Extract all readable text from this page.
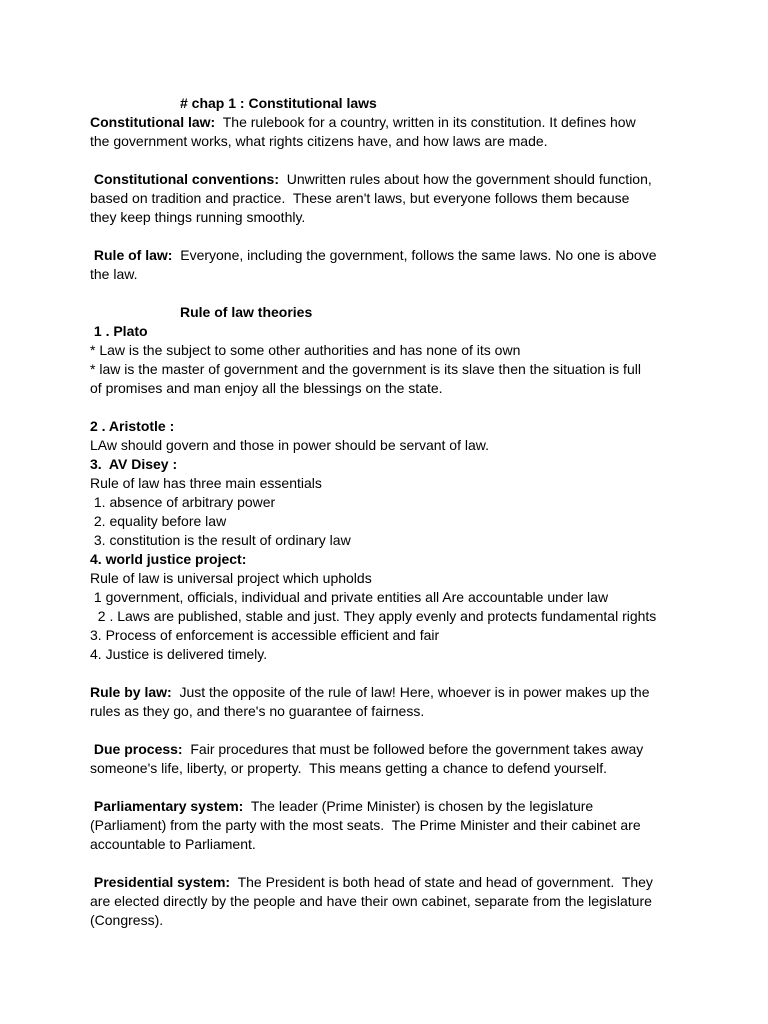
# chap 1 : Constitutional laws
Constitutional law:  The rulebook for a country, written in its constitution. It defines how
the government works, what rights citizens have, and how laws are made.
Constitutional conventions:  Unwritten rules about how the government should function,
based on tradition and practice.  These aren't laws, but everyone follows them because
they keep things running smoothly.
Rule of law:  Everyone, including the government, follows the same laws. No one is above
the law.
Rule of law theories
1 . Plato
* Law is the subject to some other authorities and has none of its own
* law is the master of government and the government is its slave then the situation is full
of promises and man enjoy all the blessings on the state.
2 . Aristotle :
LAw should govern and those in power should be servant of law.
3.  AV Disey :
Rule of law has three main essentials
1. absence of arbitrary power
2. equality before law
3. constitution is the result of ordinary law
4. world justice project:
Rule of law is universal project which upholds
1 government, officials, individual and private entities all Are accountable under law
2 . Laws are published, stable and just. They apply evenly and protects fundamental rights
3. Process of enforcement is accessible efficient and fair
4. Justice is delivered timely.
Rule by law:  Just the opposite of the rule of law! Here, whoever is in power makes up the
rules as they go, and there's no guarantee of fairness.
Due process:  Fair procedures that must be followed before the government takes away
someone's life, liberty, or property.  This means getting a chance to defend yourself.
Parliamentary system:  The leader (Prime Minister) is chosen by the legislature
(Parliament) from the party with the most seats.  The Prime Minister and their cabinet are
accountable to Parliament.
Presidential system:  The President is both head of state and head of government.  They
are elected directly by the people and have their own cabinet, separate from the legislature
(Congress).
